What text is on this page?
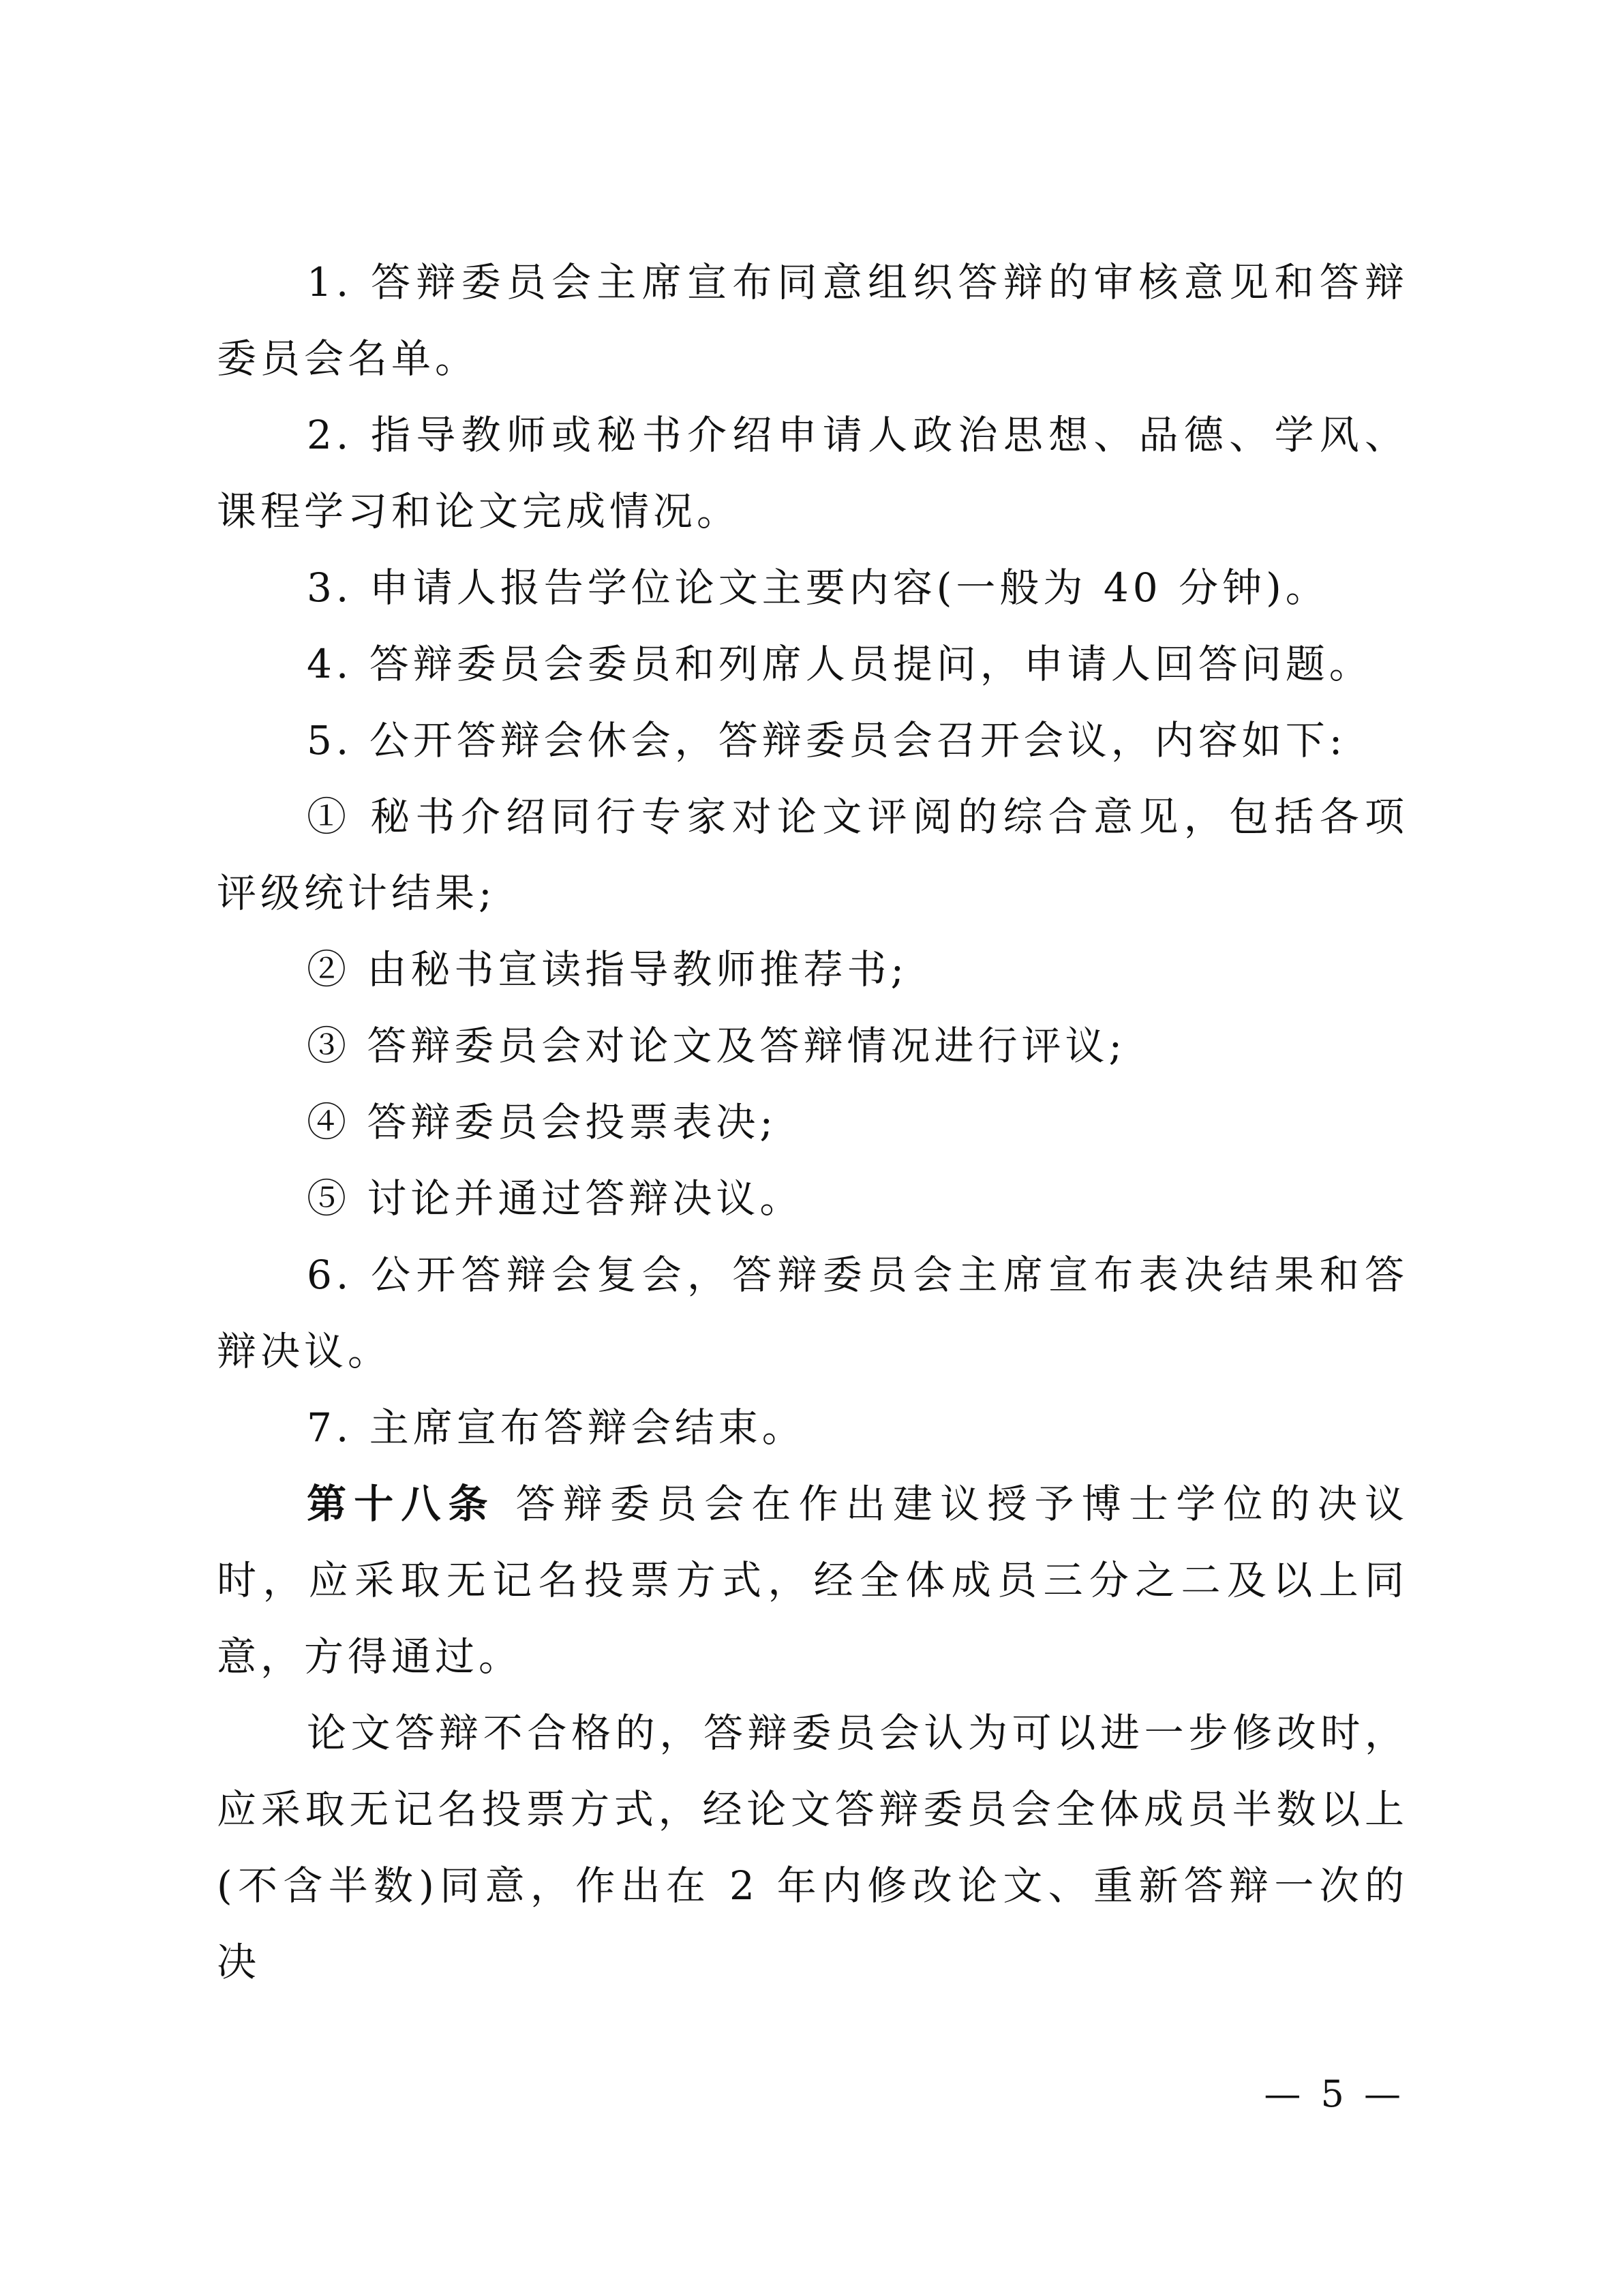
1. 答辩委员会主席宣布同意组织答辩的审核意见和答辩委员会名单。

2. 指导教师或秘书介绍申请人政治思想、品德、学风、课程学习和论文完成情况。

3. 申请人报告学位论文主要内容(一般为 40 分钟)。

4. 答辩委员会委员和列席人员提问，申请人回答问题。

5. 公开答辩会休会，答辩委员会召开会议，内容如下:

① 秘书介绍同行专家对论文评阅的综合意见，包括各项评级统计结果;

② 由秘书宣读指导教师推荐书;

③ 答辩委员会对论文及答辩情况进行评议;

④ 答辩委员会投票表决;

⑤ 讨论并通过答辩决议。

6. 公开答辩会复会，答辩委员会主席宣布表决结果和答辩决议。

7. 主席宣布答辩会结束。

第十八条 答辩委员会在作出建议授予博士学位的决议时，应采取无记名投票方式，经全体成员三分之二及以上同意，方得通过。

论文答辩不合格的，答辩委员会认为可以进一步修改时，应采取无记名投票方式，经论文答辩委员会全体成员半数以上(不含半数)同意，作出在 2 年内修改论文、重新答辩一次的决

— 5 —
